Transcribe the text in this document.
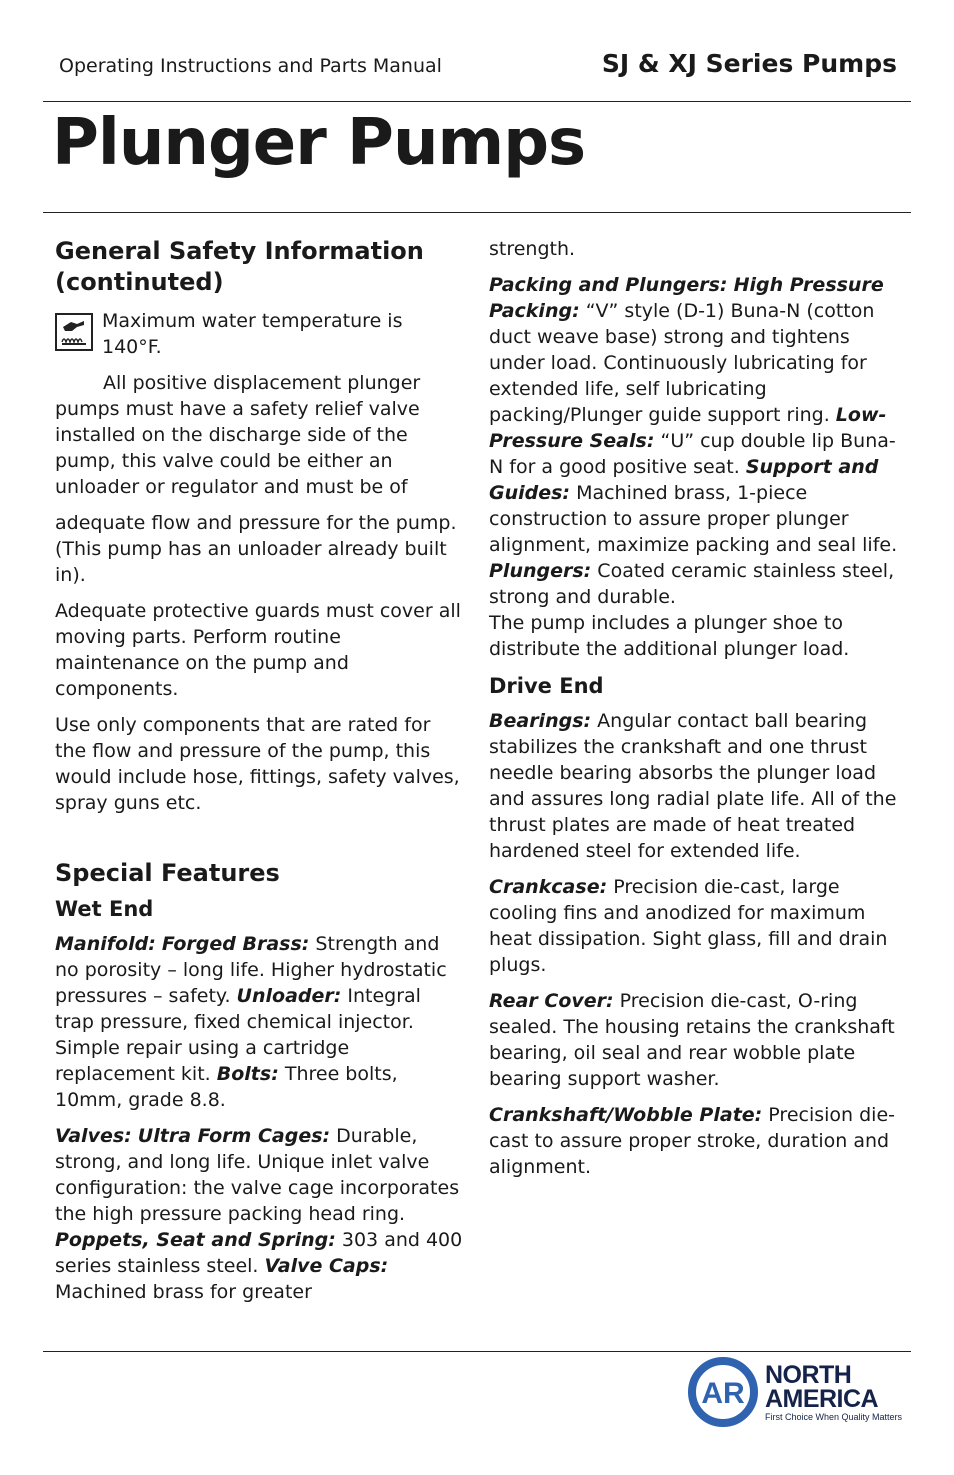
Operating Instructions and Parts Manual	SJ & XJ Series Pumps
Plunger Pumps
General Safety Information (continuted)
Maximum water temperature is 140°F.

All positive displacement plunger pumps must have a safety relief valve installed on the discharge side of the pump, this valve could be either an unloader or regulator and must be of

adequate flow and pressure for the pump. (This pump has an unloader already built in).

Adequate protective guards must cover all moving parts. Perform routine maintenance on the pump and components.

Use only components that are rated for the flow and pressure of the pump, this would include hose, fittings, safety valves, spray guns etc.

Special Features
Wet End

Manifold: Forged Brass: Strength and no porosity – long life. Higher hydrostatic pressures – safety. Unloader: Integral trap pressure, fixed chemical injector. Simple repair using a cartridge replacement kit. Bolts: Three bolts, 10mm, grade 8.8.

Valves: Ultra Form Cages: Durable, strong, and long life. Unique inlet valve configuration: the valve cage incorporates the high pressure packing head ring. Poppets, Seat and Spring: 303 and 400 series stainless steel. Valve Caps: Machined brass for greater

strength.

Packing and Plungers: High Pressure Packing: “V” style (D-1) Buna-N (cotton duct weave base) strong and tightens under load. Continuously lubricating for extended life, self lubricating packing/Plunger guide support ring. Low-Pressure Seals: “U” cup double lip Buna-N for a good positive seat. Support and Guides: Machined brass, 1-piece construction to assure proper plunger alignment, maximize packing and seal life. Plungers: Coated ceramic stainless steel, strong and durable.
The pump includes a plunger shoe to distribute the additional plunger load.

Drive End

Bearings: Angular contact ball bearing stabilizes the crankshaft and one thrust needle bearing absorbs the plunger load and assures long radial plate life. All of the thrust plates are made of heat treated hardened steel for extended life.

Crankcase: Precision die-cast, large cooling fins and anodized for maximum heat dissipation. Sight glass, fill and drain plugs.

Rear Cover: Precision die-cast, O-ring sealed. The housing retains the crankshaft bearing, oil seal and rear wobble plate bearing support washer.

Crankshaft/Wobble Plate: Precision die-cast to assure proper stroke, duration and alignment.

AR
NORTH
AMERICA
First Choice When Quality Matters
